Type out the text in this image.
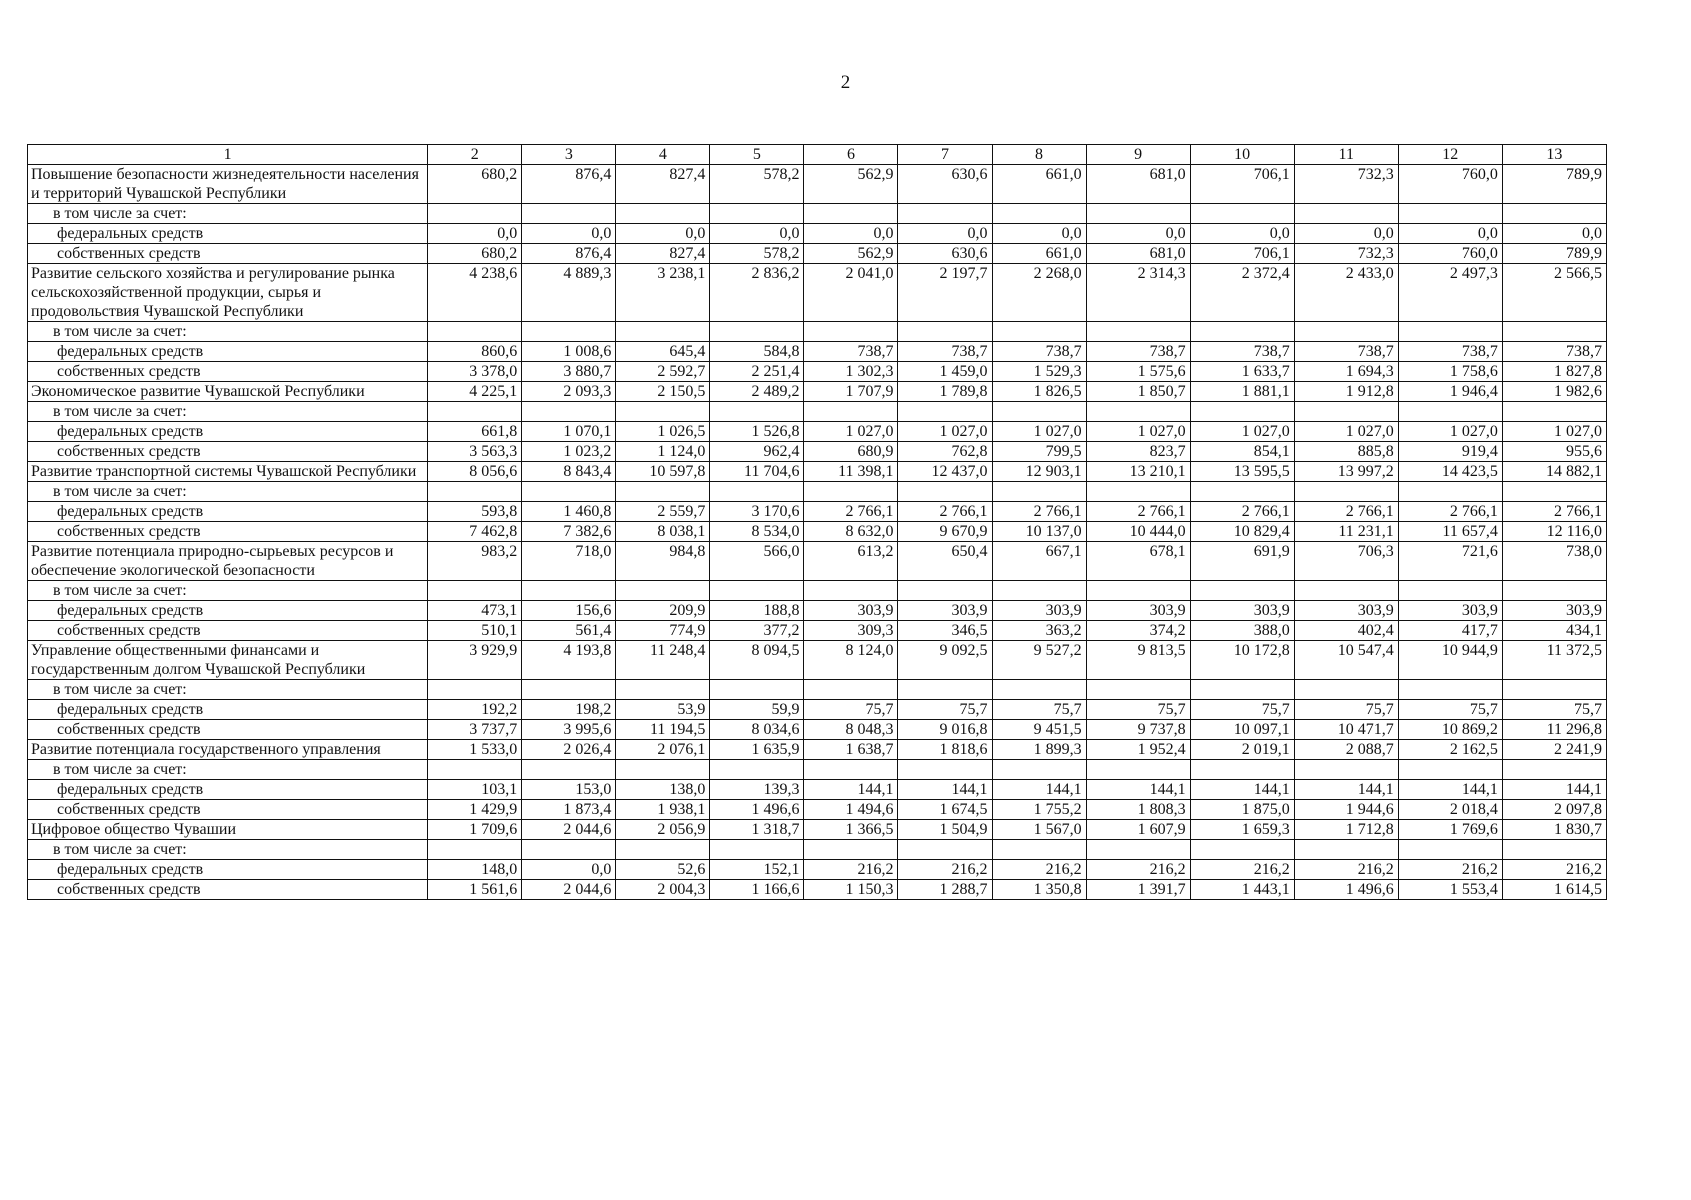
2
1	2	3	4	5	6	7	8	9	10	11	12	13
Повышение безопасности жизнедеятельности населения и территорий Чувашской Республики	680,2	876,4	827,4	578,2	562,9	630,6	661,0	681,0	706,1	732,3	760,0	789,9
в том числе за счет:												
федеральных средств	0,0	0,0	0,0	0,0	0,0	0,0	0,0	0,0	0,0	0,0	0,0	0,0
собственных средств	680,2	876,4	827,4	578,2	562,9	630,6	661,0	681,0	706,1	732,3	760,0	789,9
Развитие сельского хозяйства и регулирование рынка сельскохозяйственной продукции, сырья и продовольствия Чувашской Республики	4 238,6	4 889,3	3 238,1	2 836,2	2 041,0	2 197,7	2 268,0	2 314,3	2 372,4	2 433,0	2 497,3	2 566,5
в том числе за счет:												
федеральных средств	860,6	1 008,6	645,4	584,8	738,7	738,7	738,7	738,7	738,7	738,7	738,7	738,7
собственных средств	3 378,0	3 880,7	2 592,7	2 251,4	1 302,3	1 459,0	1 529,3	1 575,6	1 633,7	1 694,3	1 758,6	1 827,8
Экономическое развитие Чувашской Республики	4 225,1	2 093,3	2 150,5	2 489,2	1 707,9	1 789,8	1 826,5	1 850,7	1 881,1	1 912,8	1 946,4	1 982,6
в том числе за счет:												
федеральных средств	661,8	1 070,1	1 026,5	1 526,8	1 027,0	1 027,0	1 027,0	1 027,0	1 027,0	1 027,0	1 027,0	1 027,0
собственных средств	3 563,3	1 023,2	1 124,0	962,4	680,9	762,8	799,5	823,7	854,1	885,8	919,4	955,6
Развитие транспортной системы Чувашской Республики	8 056,6	8 843,4	10 597,8	11 704,6	11 398,1	12 437,0	12 903,1	13 210,1	13 595,5	13 997,2	14 423,5	14 882,1
в том числе за счет:												
федеральных средств	593,8	1 460,8	2 559,7	3 170,6	2 766,1	2 766,1	2 766,1	2 766,1	2 766,1	2 766,1	2 766,1	2 766,1
собственных средств	7 462,8	7 382,6	8 038,1	8 534,0	8 632,0	9 670,9	10 137,0	10 444,0	10 829,4	11 231,1	11 657,4	12 116,0
Развитие потенциала природно-сырьевых ресурсов и обеспечение экологической безопасности	983,2	718,0	984,8	566,0	613,2	650,4	667,1	678,1	691,9	706,3	721,6	738,0
в том числе за счет:												
федеральных средств	473,1	156,6	209,9	188,8	303,9	303,9	303,9	303,9	303,9	303,9	303,9	303,9
собственных средств	510,1	561,4	774,9	377,2	309,3	346,5	363,2	374,2	388,0	402,4	417,7	434,1
Управление общественными финансами и государственным долгом Чувашской Республики	3 929,9	4 193,8	11 248,4	8 094,5	8 124,0	9 092,5	9 527,2	9 813,5	10 172,8	10 547,4	10 944,9	11 372,5
в том числе за счет:												
федеральных средств	192,2	198,2	53,9	59,9	75,7	75,7	75,7	75,7	75,7	75,7	75,7	75,7
собственных средств	3 737,7	3 995,6	11 194,5	8 034,6	8 048,3	9 016,8	9 451,5	9 737,8	10 097,1	10 471,7	10 869,2	11 296,8
Развитие потенциала государственного управления	1 533,0	2 026,4	2 076,1	1 635,9	1 638,7	1 818,6	1 899,3	1 952,4	2 019,1	2 088,7	2 162,5	2 241,9
в том числе за счет:												
федеральных средств	103,1	153,0	138,0	139,3	144,1	144,1	144,1	144,1	144,1	144,1	144,1	144,1
собственных средств	1 429,9	1 873,4	1 938,1	1 496,6	1 494,6	1 674,5	1 755,2	1 808,3	1 875,0	1 944,6	2 018,4	2 097,8
Цифровое общество Чувашии	1 709,6	2 044,6	2 056,9	1 318,7	1 366,5	1 504,9	1 567,0	1 607,9	1 659,3	1 712,8	1 769,6	1 830,7
в том числе за счет:												
федеральных средств	148,0	0,0	52,6	152,1	216,2	216,2	216,2	216,2	216,2	216,2	216,2	216,2
собственных средств	1 561,6	2 044,6	2 004,3	1 166,6	1 150,3	1 288,7	1 350,8	1 391,7	1 443,1	1 496,6	1 553,4	1 614,5
